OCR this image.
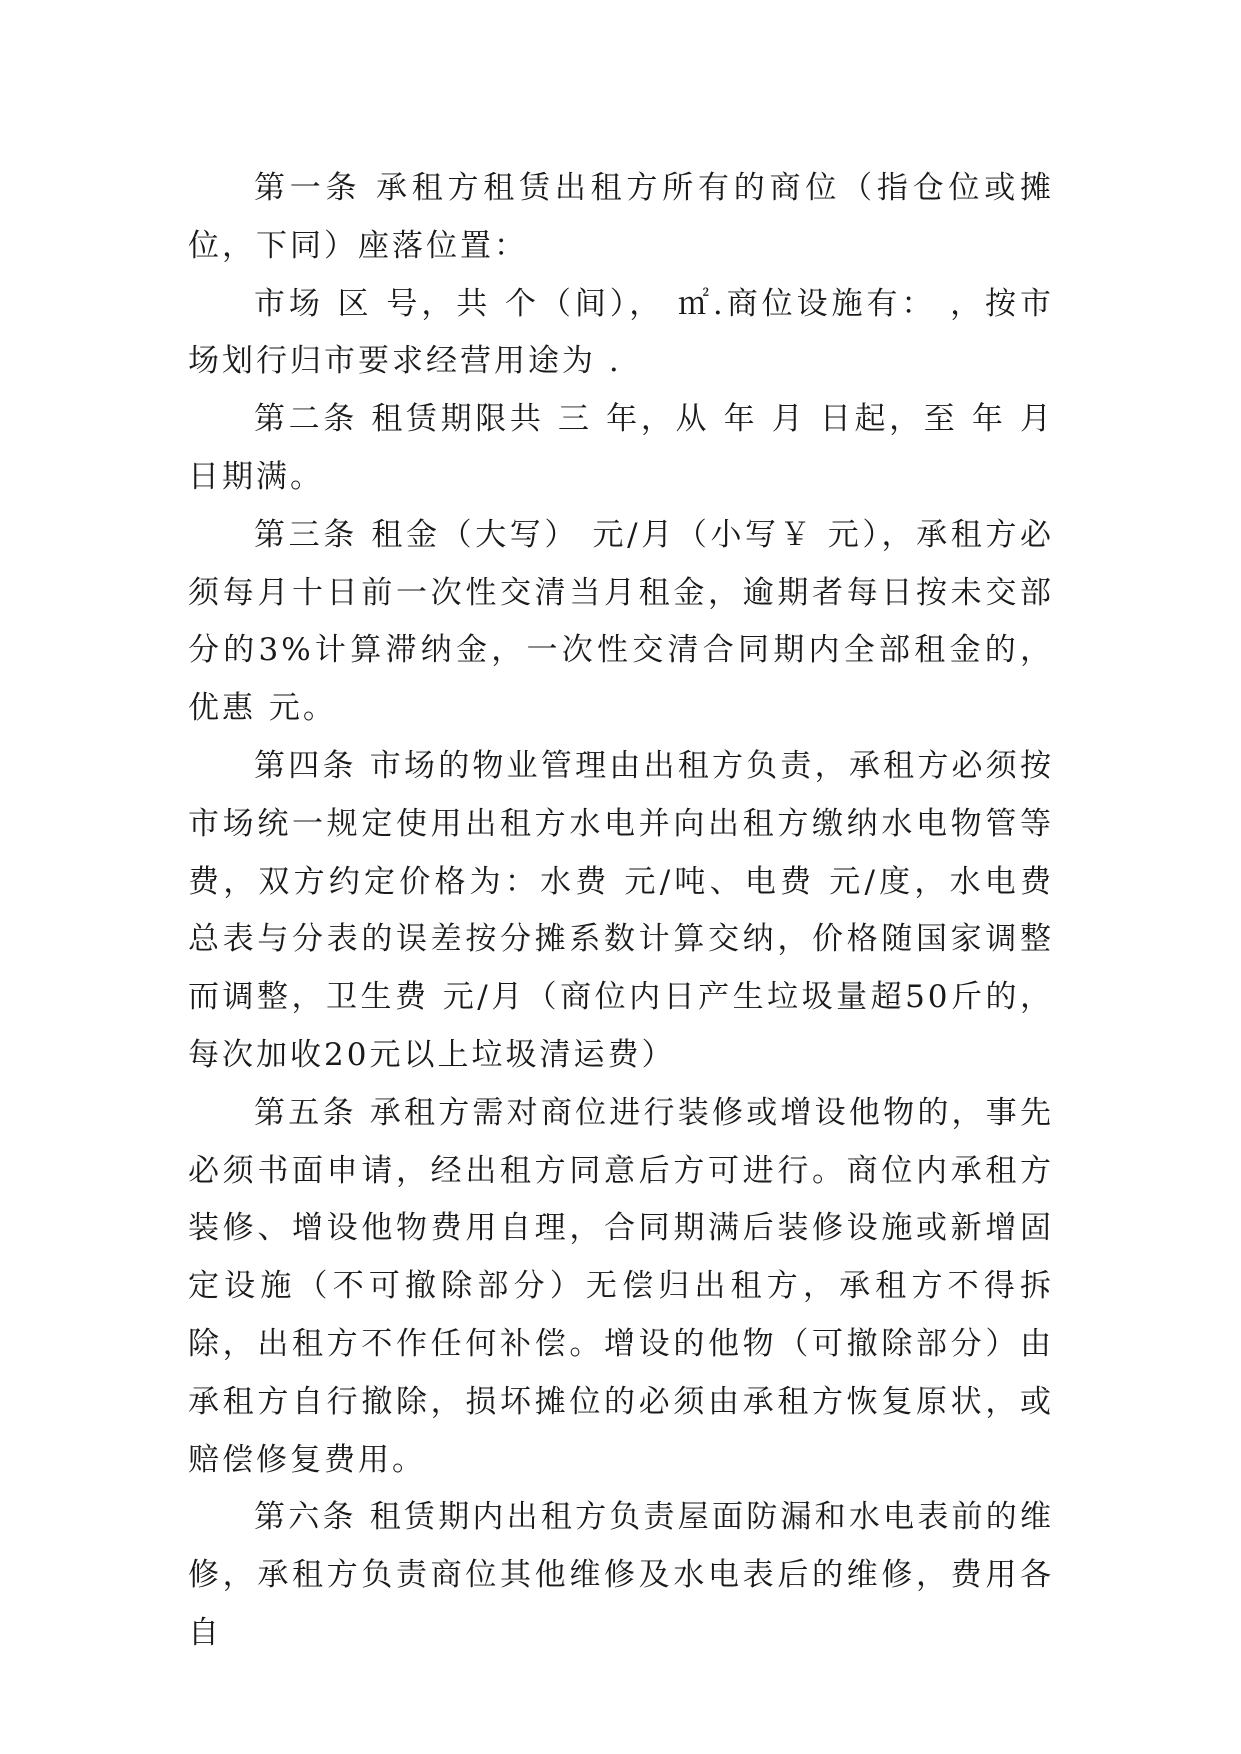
第一条 承租方租赁出租方所有的商位（指仓位或摊位，下同）座落位置：

市场 区 号，共 个（间）， ㎡.商位设施有： ，按市场划行归市要求经营用途为 .

第二条 租赁期限共 三 年，从 年 月 日起，至 年 月 日期满。

第三条 租金（大写） 元/月（小写￥ 元），承租方必须每月十日前一次性交清当月租金，逾期者每日按未交部分的3%计算滞纳金，一次性交清合同期内全部租金的，优惠 元。

第四条 市场的物业管理由出租方负责，承租方必须按市场统一规定使用出租方水电并向出租方缴纳水电物管等费，双方约定价格为：水费 元/吨、电费 元/度，水电费总表与分表的误差按分摊系数计算交纳，价格随国家调整而调整，卫生费 元/月（商位内日产生垃圾量超50斤的，每次加收20元以上垃圾清运费）

第五条 承租方需对商位进行装修或增设他物的，事先必须书面申请，经出租方同意后方可进行。商位内承租方装修、增设他物费用自理，合同期满后装修设施或新增固定设施（不可撤除部分）无偿归出租方，承租方不得拆除，出租方不作任何补偿。增设的他物（可撤除部分）由承租方自行撤除，损坏摊位的必须由承租方恢复原状，或赔偿修复费用。

第六条 租赁期内出租方负责屋面防漏和水电表前的维修，承租方负责商位其他维修及水电表后的维修，费用各自
